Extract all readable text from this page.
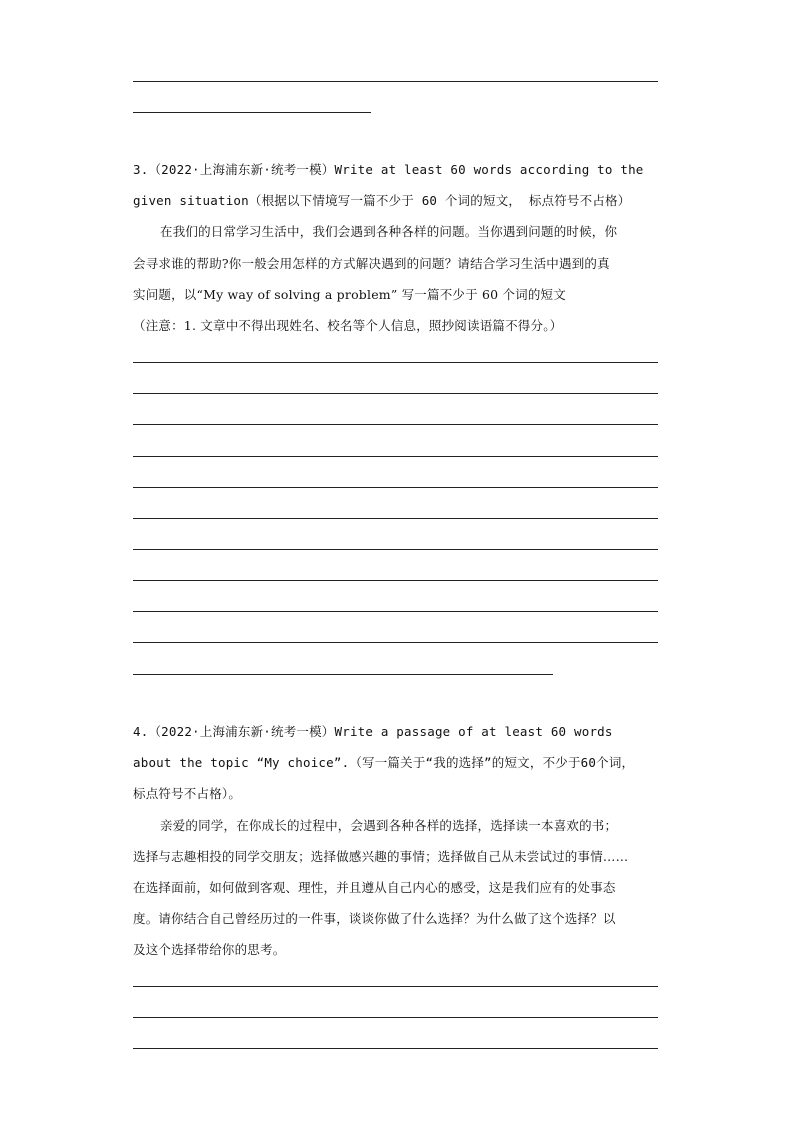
3.（2022·上海浦东新·统考一模）Write at least 60 words according to the
given situation（根据以下情境写一篇不少于 60 个词的短文， 标点符号不占格）
在我们的日常学习生活中，我们会遇到各种各样的问题。当你遇到问题的时候，你
会寻求谁的帮助?你一般会用怎样的方式解决遇到的问题？请结合学习生活中遇到的真
实问题，以“My way of solving a problem” 写一篇不少于 60 个词的短文
（注意：1. 文章中不得出现姓名、校名等个人信息，照抄阅读语篇不得分。）
4.（2022·上海浦东新·统考一模）Write a passage of at least 60 words
about the topic “My choice”.（写一篇关于“我的选择”的短文，不少于60个词，
标点符号不占格）。
亲爱的同学，在你成长的过程中，会遇到各种各样的选择，选择读一本喜欢的书；
选择与志趣相投的同学交朋友；选择做感兴趣的事情；选择做自己从未尝试过的事情……
在选择面前，如何做到客观、理性，并且遵从自己内心的感受，这是我们应有的处事态
度。请你结合自己曾经历过的一件事，谈谈你做了什么选择？为什么做了这个选择？以
及这个选择带给你的思考。
